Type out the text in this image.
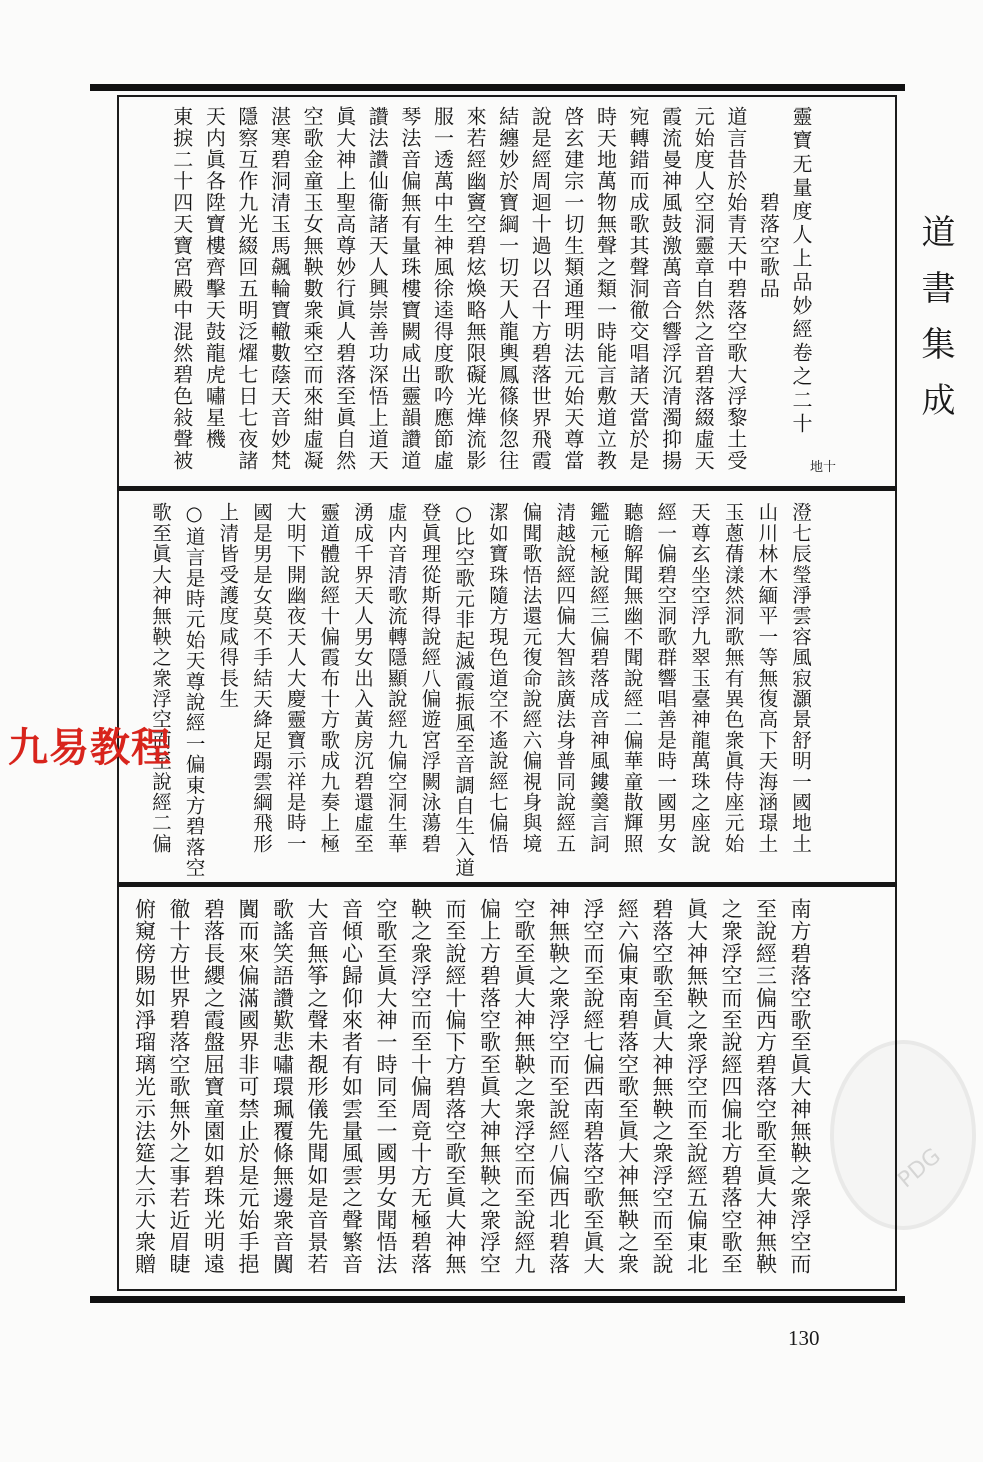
靈寶无量度人上品妙經卷之二十
碧落空歌品
道言昔於始青天中碧落空歌大浮黎土受
元始度人空洞靈章自然之音碧落綴虛天
霞流曼神風鼓激萬音合響浮沉清濁抑揚
宛轉錯而成歌其聲洞徹交唱諸天當於是
時天地萬物無聲之類一時能言敷道立教
啓玄建宗一切生類通理明法元始天尊當
說是經周迴十過以召十方碧落世界飛霞
結纏妙於寶綱一切天人龍輿鳳篠倏忽往
來若經幽竇空碧炫煥略無限礙光燁流影
服一透萬中生神風徐逵得度歌吟應節虛
琴法音偏無有量珠樓寶闕咸出靈韻讚道
讚法讚仙衞諸天人興崇善功深悟上道天
眞大神上聖高尊妙行眞人碧落至眞自然
空歌金童玉女無鞅數衆乘空而來紺虛凝
湛寒碧洞清玉馬飆輪寶轍數蔭天音妙梵
隱察互作九光綴回五明泛燿七日七夜諸
天内眞各陞寶樓齊擊天鼓龍虎嘯星機
東捩二十四天寶宮殿中混然碧色敍聲被	地十
澄七辰瑩淨雲容風寂灝景舒明一國地土
山川林木緬平一等無復高下天海涵璟土
玉蔥蒨漾然洞歌無有異色衆眞侍座元始
天尊玄坐空浮九翠玉臺神龍萬珠之座說
經一偏碧空洞歌群響唱善是時一國男女
聽瞻解聞無幽不聞說經二偏華童散輝照
鑑元極說經三偏碧落成音神風鏤羹言詞
清越說經四偏大智該廣法身普同說經五
偏聞歌悟法還元復命說經六偏視身與境
潔如寶珠隨方現色道空不遙說經七偏悟
○比空歌元非起滅霞振風至音調自生入道
登眞理從斯得說經八偏遊宮浮闕泳蕩碧
虛内音清歌流轉隱顯說經九偏空洞生華
湧成千界天人男女出入黃房沉碧還虛至
靈道體說經十偏霞布十方歌成九奏上極
大明下開幽夜天人大慶靈寶示祥是時一
國是男是女莫不手結天絳足蹋雲綱飛形
上清皆受護度咸得長生
○道言是時元始天尊說經一偏東方碧落空
歌至眞大神無鞅之衆浮空而至說經二偏
南方碧落空歌至眞大神無鞅之衆浮空而
至說經三偏西方碧落空歌至眞大神無鞅
之衆浮空而至說經四偏北方碧落空歌至
眞大神無鞅之衆浮空而至說經五偏東北
碧落空歌至眞大神無鞅之衆浮空而至說
經六偏東南碧落空歌至眞大神無鞅之衆
浮空而至說經七偏西南碧落空歌至眞大
神無鞅之衆浮空而至說經八偏西北碧落
空歌至眞大神無鞅之衆浮空而至說經九
偏上方碧落空歌至眞大神無鞅之衆浮空
而至說經十偏下方碧落空歌至眞大神無
鞅之衆浮空而至十偏周竟十方无極碧落
空歌至眞大神一時同至一國男女聞悟法
音傾心歸仰來者有如雲量風雲之聲繁音
大音無筝之聲未覩形儀先聞如是音景若
歌謠笑語讚歎悲嘯環珮覆條無邊衆音闐
闐而來偏滿國界非可禁止於是元始手挹
碧落長纓之霞盤屈寶童園如碧珠光明遠
徹十方世界碧落空歌無外之事若近眉睫
俯窺傍賜如淨瑠璃光示法筵大示大衆贈
道書集成
130
九易教程
PDG
